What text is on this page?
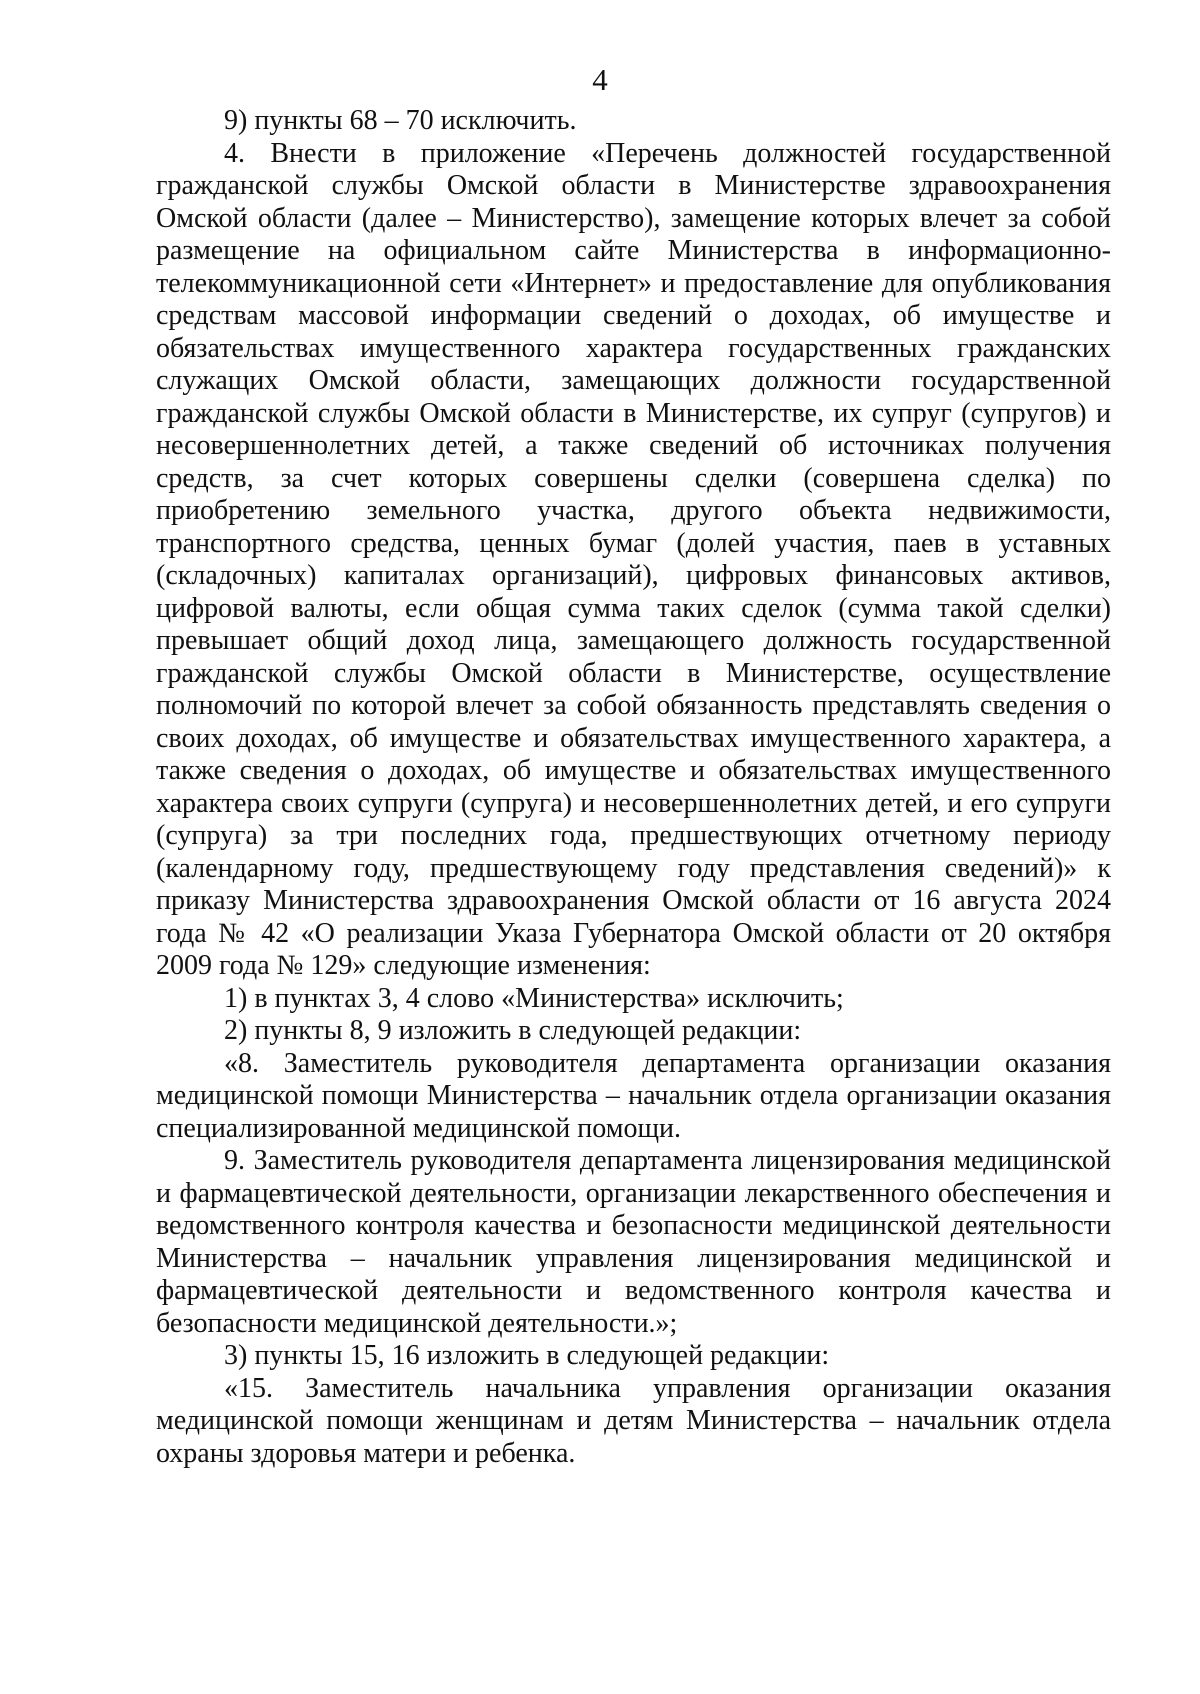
4

9) пункты 68 – 70 исключить.

4. Внести в приложение «Перечень должностей государственной гражданской службы Омской области в Министерстве здравоохранения Омской области (далее – Министерство), замещение которых влечет за собой размещение на официальном сайте Министерства в информационно-телекоммуникационной сети «Интернет» и предоставление для опубликования средствам массовой информации сведений о доходах, об имуществе и обязательствах имущественного характера государственных гражданских служащих Омской области, замещающих должности государственной гражданской службы Омской области в Министерстве, их супруг (супругов) и несовершеннолетних детей, а также сведений об источниках получения средств, за счет которых совершены сделки (совершена сделка) по приобретению земельного участка, другого объекта недвижимости, транспортного средства, ценных бумаг (долей участия, паев в уставных (складочных) капиталах организаций), цифровых финансовых активов, цифровой валюты, если общая сумма таких сделок (сумма такой сделки) превышает общий доход лица, замещающего должность государственной гражданской службы Омской области в Министерстве, осуществление полномочий по которой влечет за собой обязанность представлять сведения о своих доходах, об имуществе и обязательствах имущественного характера, а также сведения о доходах, об имуществе и обязательствах имущественного характера своих супруги (супруга) и несовершеннолетних детей, и его супруги (супруга) за три последних года, предшествующих отчетному периоду (календарному году, предшествующему году представления сведений)» к приказу Министерства здравоохранения Омской области от 16 августа 2024 года № 42 «О реализации Указа Губернатора Омской области от 20 октября 2009 года № 129» следующие изменения:

1) в пунктах 3, 4 слово «Министерства» исключить;

2) пункты 8, 9 изложить в следующей редакции:

«8. Заместитель руководителя департамента организации оказания медицинской помощи Министерства – начальник отдела организации оказания специализированной медицинской помощи.

9. Заместитель руководителя департамента лицензирования медицинской и фармацевтической деятельности, организации лекарственного обеспечения и ведомственного контроля качества и безопасности медицинской деятельности Министерства – начальник управления лицензирования медицинской и фармацевтической деятельности и ведомственного контроля качества и безопасности медицинской деятельности.»;

3) пункты 15, 16 изложить в следующей редакции:

«15. Заместитель начальника управления организации оказания медицинской помощи женщинам и детям Министерства – начальник отдела охраны здоровья матери и ребенка.
